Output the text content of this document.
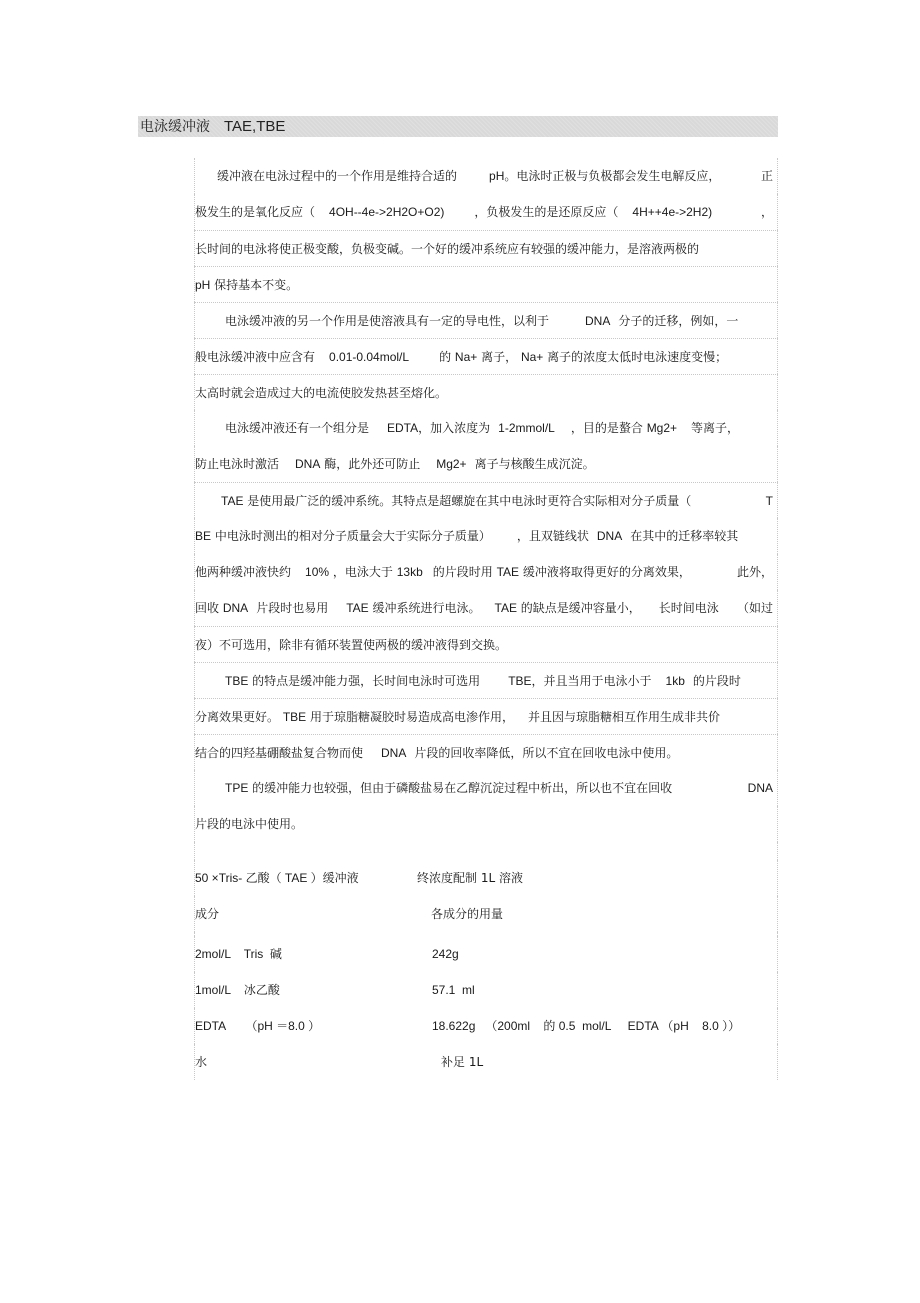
电泳缓冲液 TAE,TBE
缓冲液在电泳过程中的一个作用是维持合适的	pH。电泳时正极与负极都会发生电解反应，	正
极发生的是氧化反应（ 4OH--4e->2H2O+O2)	，负极发生的是还原反应（ 4H++4e->2H2)	，
长时间的电泳将使正极变酸，负极变碱。一个好的缓冲系统应有较强的缓冲能力，是溶液两极的
pH 保持基本不变。
电泳缓冲液的另一个作用是使溶液具有一定的导电性，以利于	DNA 分子的迁移，例如，一
般电泳缓冲液中应含有 0.01-0.04mol/L	的 Na+ 离子， Na+ 离子的浓度太低时电泳速度变慢；
太高时就会造成过大的电流使胶发热甚至熔化。
电泳缓冲液还有一个组分是 EDTA，加入浓度为 1-2mmol/L ，目的是螯合 Mg2+ 等离子，
防止电泳时激活 DNA 酶，此外还可防止 Mg2+ 离子与核酸生成沉淀。
TAE 是使用最广泛的缓冲系统。其特点是超螺旋在其中电泳时更符合实际相对分子质量（	T
BE 中电泳时测出的相对分子质量会大于实际分子质量） ，且双链线状 DNA 在其中的迁移率较其
他两种缓冲液快约 10% ，电泳大于 13kb 的片段时用 TAE 缓冲液将取得更好的分离效果，	此外，
回收 DNA 片段时也易用 TAE 缓冲系统进行电泳。 TAE 的缺点是缓冲容量小， 长时间电泳 （如过
夜）不可选用，除非有循环装置使两极的缓冲液得到交换。
TBE 的特点是缓冲能力强，长时间电泳时可选用 TBE，并且当用于电泳小于 1kb 的片段时
分离效果更好。 TBE 用于琼脂糖凝胶时易造成高电渗作用， 并且因与琼脂糖相互作用生成非共价
结合的四羟基硼酸盐复合物而使 DNA 片段的回收率降低，所以不宜在回收电泳中使用。
TPE 的缓冲能力也较强，但由于磷酸盐易在乙醇沉淀过程中析出，所以也不宜在回收	DNA
片段的电泳中使用。
50 ×Tris- 乙酸（ TAE ）缓冲液	终浓度配制 1L 溶液
成分	各成分的用量
2mol/L    Tris  碱	242g
1mol/L    冰乙酸	57.1  ml
EDTA      （pH ＝8.0 ）	18.622g   （200ml    的 0.5  mol/L     EDTA （pH    8.0 ））
水	补足 1L
